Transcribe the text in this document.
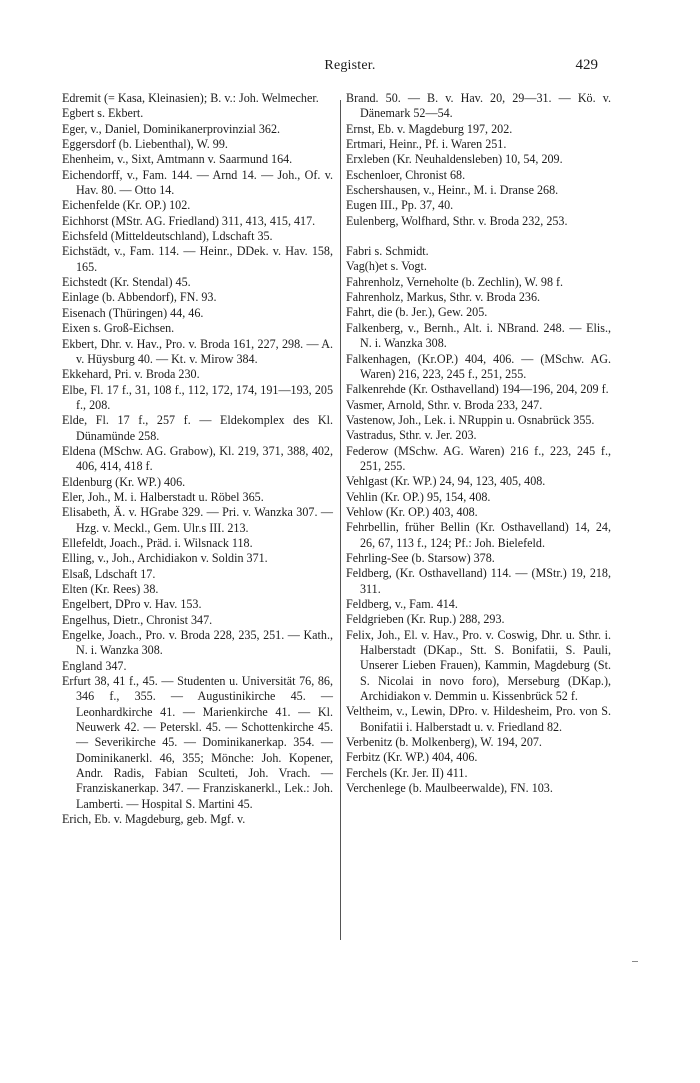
Register.	429
Edremit (= Kasa, Kleinasien); B. v.: Joh. Welmecher.
Egbert s. Ekbert.
Eger, v., Daniel, Dominikanerprovinzial 362.
Eggersdorf (b. Liebenthal), W. 99.
Ehenheim, v., Sixt, Amtmann v. Saarmund 164.
Eichendorff, v., Fam. 144. — Arnd 14. — Joh., Of. v. Hav. 80. — Otto 14.
Eichenfelde (Kr. OP.) 102.
Eichhorst (MStr. AG. Friedland) 311, 413, 415, 417.
Eichsfeld (Mitteldeutschland), Ldschaft 35.
Eichstädt, v., Fam. 114. — Heinr., DDek. v. Hav. 158, 165.
Eichstedt (Kr. Stendal) 45.
Einlage (b. Abbendorf), FN. 93.
Eisenach (Thüringen) 44, 46.
Eixen s. Groß-Eichsen.
Ekbert, Dhr. v. Hav., Pro. v. Broda 161, 227, 298. — A. v. Hüysburg 40. — Kt. v. Mirow 384.
Ekkehard, Pri. v. Broda 230.
Elbe, Fl. 17 f., 31, 108 f., 112, 172, 174, 191—193, 205 f., 208.
Elde, Fl. 17 f., 257 f. — Eldekomplex des Kl. Dünamünde 258.
Eldena (MSchw. AG. Grabow), Kl. 219, 371, 388, 402, 406, 414, 418 f.
Eldenburg (Kr. WP.) 406.
Eler, Joh., M. i. Halberstadt u. Röbel 365.
Elisabeth, Ä. v. HGrabe 329. — Pri. v. Wanzka 307. — Hzg. v. Meckl., Gem. Ulr.s III. 213.
Ellefeldt, Joach., Präd. i. Wilsnack 118.
Elling, v., Joh., Archidiakon v. Soldin 371.
Elsaß, Ldschaft 17.
Elten (Kr. Rees) 38.
Engelbert, DPro v. Hav. 153.
Engelhus, Dietr., Chronist 347.
Engelke, Joach., Pro. v. Broda 228, 235, 251. — Kath., N. i. Wanzka 308.
England 347.
Erfurt 38, 41 f., 45. — Studenten u. Universität 76, 86, 346 f., 355. — Augustinikirche 45. — Leonhardkirche 41. — Marienkirche 41. — Kl. Neuwerk 42. — Peterskl. 45. — Schottenkirche 45. — Severikirche 45. — Dominikanerkap. 354. — Dominikanerkl. 46, 355; Mönche: Joh. Kopener, Andr. Radis, Fabian Sculteti, Joh. Vrach. — Franziskanerkap. 347. — Franziskanerkl., Lek.: Joh. Lamberti. — Hospital S. Martini 45.
Erich, Eb. v. Magdeburg, geb. Mgf. v.
Brand. 50. — B. v. Hav. 20, 29—31. — Kö. v. Dänemark 52—54.
Ernst, Eb. v. Magdeburg 197, 202.
Ertmari, Heinr., Pf. i. Waren 251.
Erxleben (Kr. Neuhaldensleben) 10, 54, 209.
Eschenloer, Chronist 68.
Eschershausen, v., Heinr., M. i. Dranse 268.
Eugen III., Pp. 37, 40.
Eulenberg, Wolfhard, Sthr. v. Broda 232, 253.
Fabri s. Schmidt.
Vag(h)et s. Vogt.
Fahrenholz, Verneholte (b. Zechlin), W. 98 f.
Fahrenholz, Markus, Sthr. v. Broda 236.
Fahrt, die (b. Jer.), Gew. 205.
Falkenberg, v., Bernh., Alt. i. NBrand. 248. — Elis., N. i. Wanzka 308.
Falkenhagen, (Kr.OP.) 404, 406. — (MSchw. AG. Waren) 216, 223, 245 f., 251, 255.
Falkenrehde (Kr. Osthavelland) 194—196, 204, 209 f.
Vasmer, Arnold, Sthr. v. Broda 233, 247.
Vastenow, Joh., Lek. i. NRuppin u. Osnabrück 355.
Vastradus, Sthr. v. Jer. 203.
Federow (MSchw. AG. Waren) 216 f., 223, 245 f., 251, 255.
Vehlgast (Kr. WP.) 24, 94, 123, 405, 408.
Vehlin (Kr. OP.) 95, 154, 408.
Vehlow (Kr. OP.) 403, 408.
Fehrbellin, früher Bellin (Kr. Osthavelland) 14, 24, 26, 67, 113 f., 124; Pf.: Joh. Bielefeld.
Fehrling-See (b. Starsow) 378.
Feldberg, (Kr. Osthavelland) 114. — (MStr.) 19, 218, 311.
Feldberg, v., Fam. 414.
Feldgrieben (Kr. Rup.) 288, 293.
Felix, Joh., El. v. Hav., Pro. v. Coswig, Dhr. u. Sthr. i. Halberstadt (DKap., Stt. S. Bonifatii, S. Pauli, Unserer Lieben Frauen), Kammin, Magdeburg (St. S. Nicolai in novo foro), Merseburg (DKap.), Archidiakon v. Demmin u. Kissenbrück 52 f.
Veltheim, v., Lewin, DPro. v. Hildesheim, Pro. von S. Bonifatii i. Halberstadt u. v. Friedland 82.
Verbenitz (b. Molkenberg), W. 194, 207.
Ferbitz (Kr. WP.) 404, 406.
Ferchels (Kr. Jer. II) 411.
Verchenlege (b. Maulbeerwalde), FN. 103.
